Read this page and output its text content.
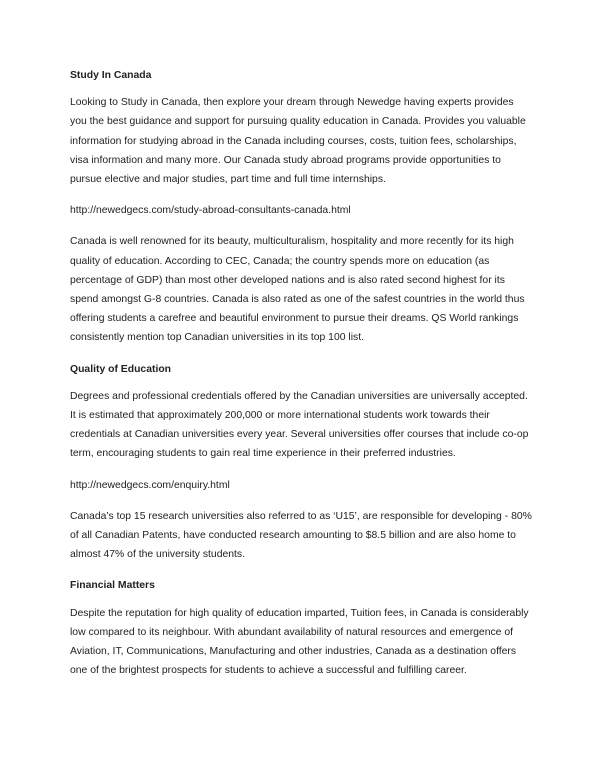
Study In Canada
Looking to Study in Canada, then explore your dream through Newedge having experts provides you the best guidance and support for pursuing quality education in Canada. Provides you valuable information for studying abroad in the Canada including courses, costs, tuition fees, scholarships, visa information and many more. Our Canada study abroad programs provide opportunities to pursue elective and major studies, part time and full time internships.
http://newedgecs.com/study-abroad-consultants-canada.html
Canada is well renowned for its beauty, multiculturalism, hospitality and more recently for its high quality of education. According to CEC, Canada; the country spends more on education (as percentage of GDP) than most other developed nations and is also rated second highest for its spend amongst G-8 countries. Canada is also rated as one of the safest countries in the world thus offering students a carefree and beautiful environment to pursue their dreams. QS World rankings consistently mention top Canadian universities in its top 100 list.
Quality of Education
Degrees and professional credentials offered by the Canadian universities are universally accepted. It is estimated that approximately 200,000 or more international students work towards their credentials at Canadian universities every year. Several universities offer courses that include co-op term, encouraging students to gain real time experience in their preferred industries.
http://newedgecs.com/enquiry.html
Canada’s top 15 research universities also referred to as ‘U15’, are responsible for developing - 80% of all Canadian Patents, have conducted research amounting to $8.5 billion and are also home to almost 47% of the university students.
Financial Matters
Despite the reputation for high quality of education imparted, Tuition fees, in Canada is considerably low compared to its neighbour. With abundant availability of natural resources and emergence of Aviation, IT, Communications, Manufacturing and other industries, Canada as a destination offers one of the brightest prospects for students to achieve a successful and fulfilling career.
